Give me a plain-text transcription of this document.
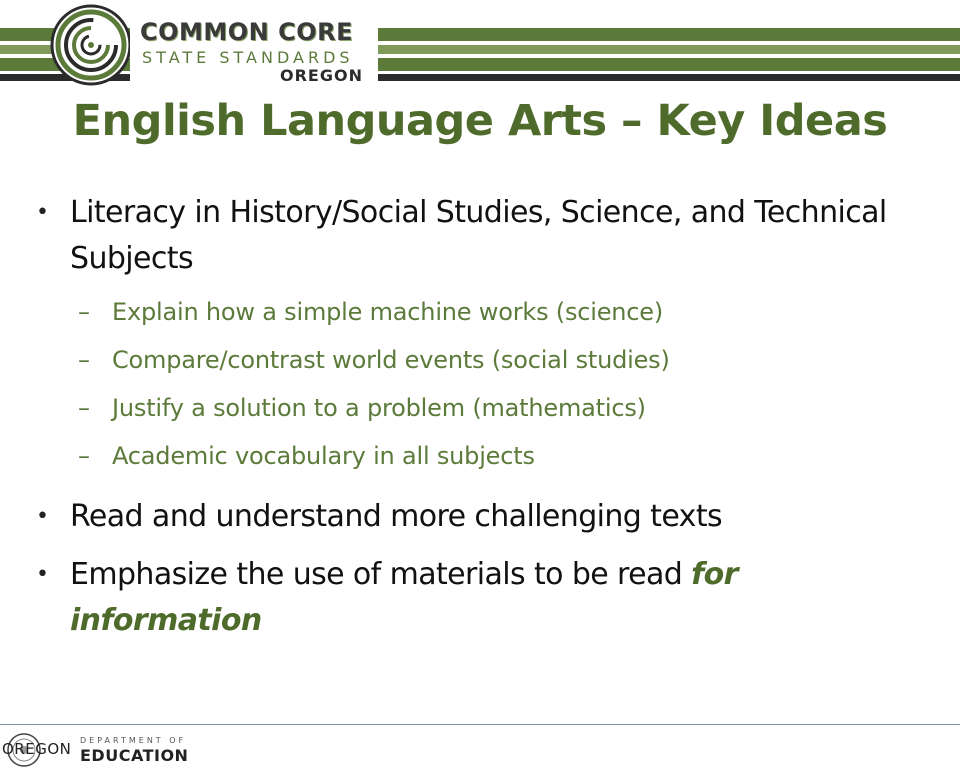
COMMON CORE
STATE STANDARDS
OREGON
English Language Arts – Key Ideas
• Literacy in History/Social Studies, Science, and Technical Subjects
– Explain how a simple machine works (science)
– Compare/contrast world events (social studies)
– Justify a solution to a problem (mathematics)
– Academic vocabulary in all subjects
• Read and understand more challenging texts
• Emphasize the use of materials to be read for information
OREGON DEPARTMENT OF
EDUCATION
